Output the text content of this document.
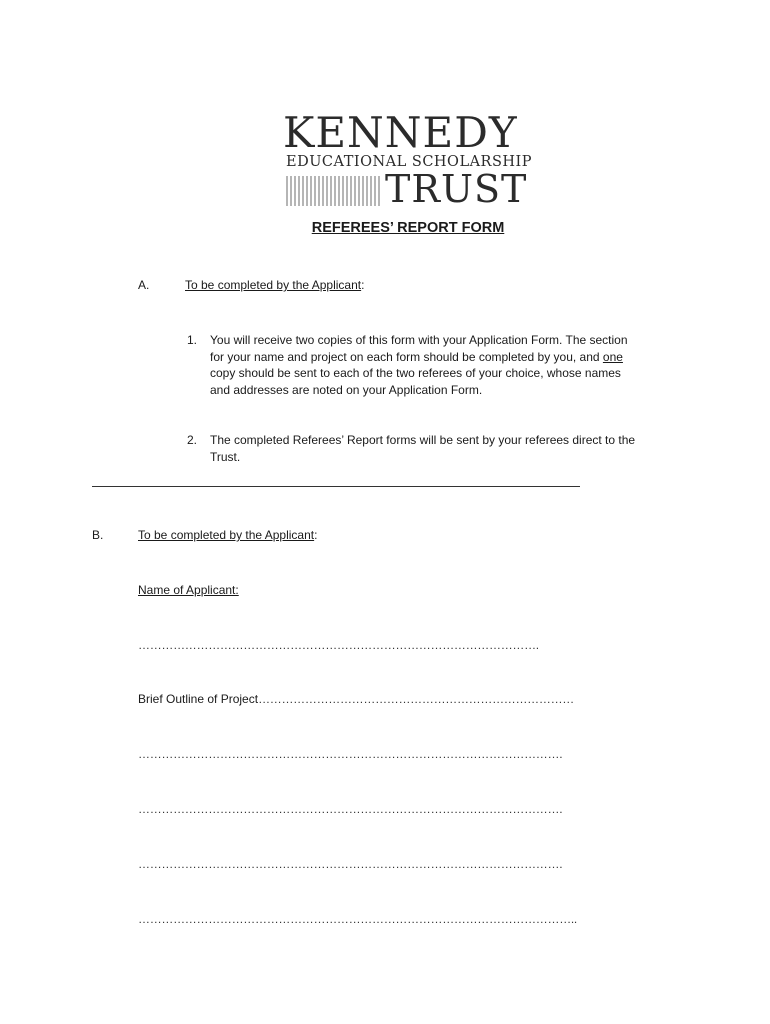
KENNEDY
EDUCATIONAL SCHOLARSHIP
TRUST
REFEREES’ REPORT FORM
A.	To be completed by the Applicant:
1. You will receive two copies of this form with your Application Form. The section
for your name and project on each form should be completed by you, and one
copy should be sent to each of the two referees of your choice, whose names
and addresses are noted on your Application Form.
2. The completed Referees’ Report forms will be sent by your referees direct to the
Trust.
B.	To be completed by the Applicant:
Name of Applicant:
………………………………………………………………………………………….
Brief Outline of Project………………………………………………………………………
……………………………………………………………………………………………….
……………………………………………………………………………………………….
……………………………………………………………………………………………….
…………………………………………………………………………………………………..
